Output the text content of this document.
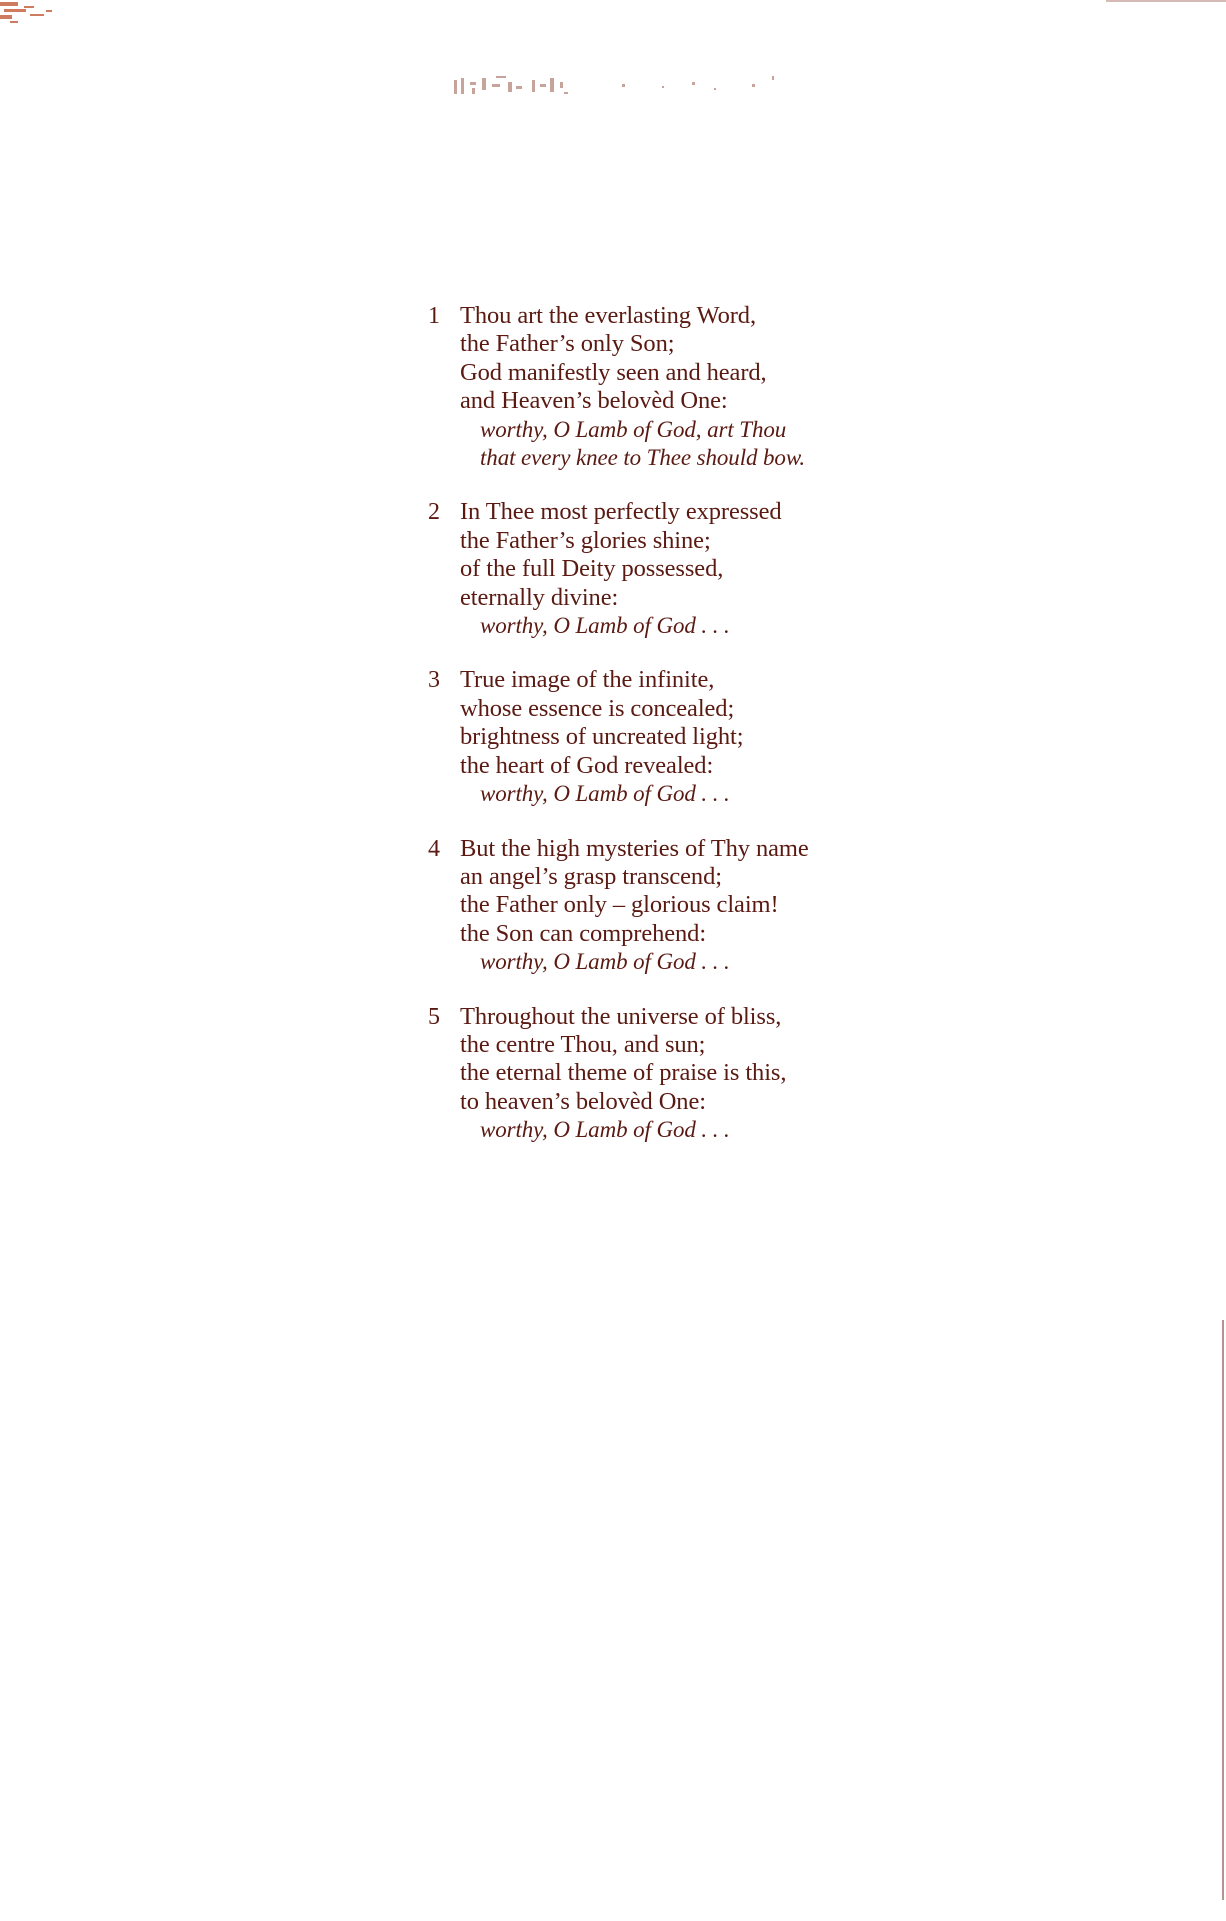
1 Thou art the everlasting Word,
the Father’s only Son;
God manifestly seen and heard,
and Heaven’s belovèd One:
worthy, O Lamb of God, art Thou
that every knee to Thee should bow.
2 In Thee most perfectly expressed
the Father’s glories shine;
of the full Deity possessed,
eternally divine:
worthy, O Lamb of God . . .
3 True image of the infinite,
whose essence is concealed;
brightness of uncreated light;
the heart of God revealed:
worthy, O Lamb of God . . .
4 But the high mysteries of Thy name
an angel’s grasp transcend;
the Father only – glorious claim!
the Son can comprehend:
worthy, O Lamb of God . . .
5 Throughout the universe of bliss,
the centre Thou, and sun;
the eternal theme of praise is this,
to heaven’s belovèd One:
worthy, O Lamb of God . . .
